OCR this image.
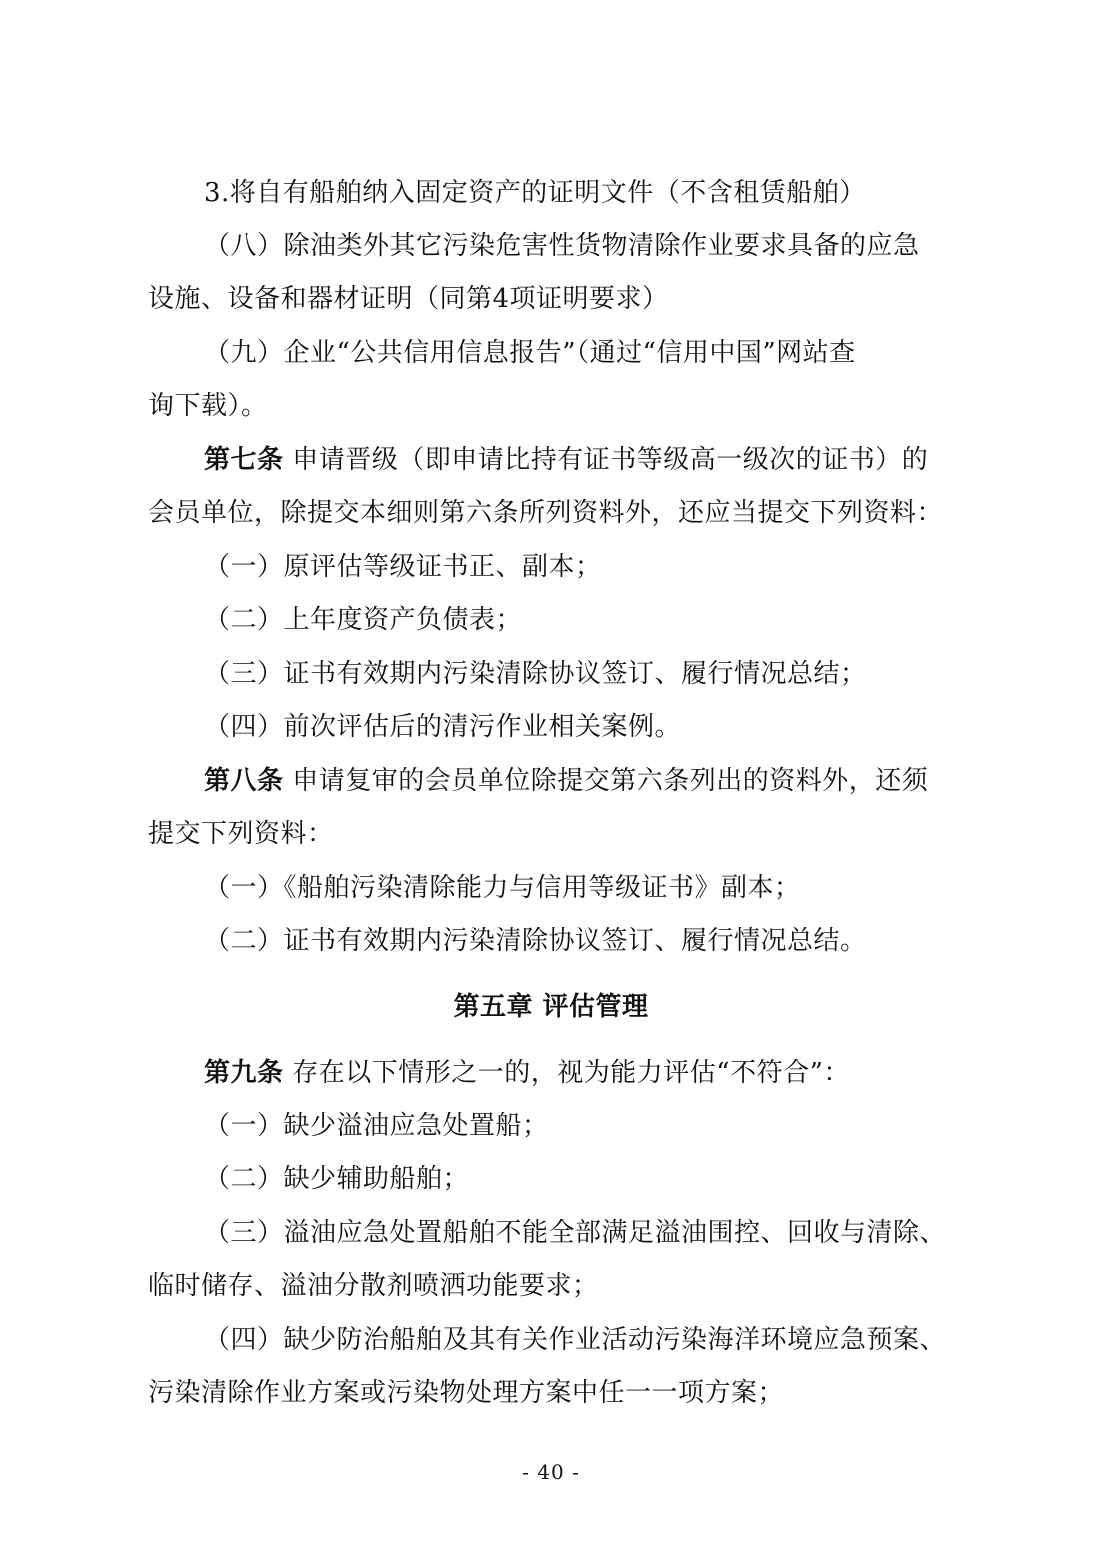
3.将自有船舶纳入固定资产的证明文件（不含租赁船舶）
（八）除油类外其它污染危害性货物清除作业要求具备的应急
设施、设备和器材证明（同第4项证明要求）
（九）企业“公共信用信息报告”（通过“信用中国”网站查
询下载）。
第七条 申请晋级（即申请比持有证书等级高一级次的证书）的
会员单位，除提交本细则第六条所列资料外，还应当提交下列资料：
（一）原评估等级证书正、副本；
（二）上年度资产负债表；
（三）证书有效期内污染清除协议签订、履行情况总结；
（四）前次评估后的清污作业相关案例。
第八条 申请复审的会员单位除提交第六条列出的资料外，还须
提交下列资料：
（一）《船舶污染清除能力与信用等级证书》副本；
（二）证书有效期内污染清除协议签订、履行情况总结。
第五章 评估管理
第九条 存在以下情形之一的，视为能力评估“不符合”：
（一）缺少溢油应急处置船；
（二）缺少辅助船舶；
（三）溢油应急处置船舶不能全部满足溢油围控、回收与清除、
临时储存、溢油分散剂喷洒功能要求；
（四）缺少防治船舶及其有关作业活动污染海洋环境应急预案、
污染清除作业方案或污染物处理方案中任一一项方案；
- 40 -
